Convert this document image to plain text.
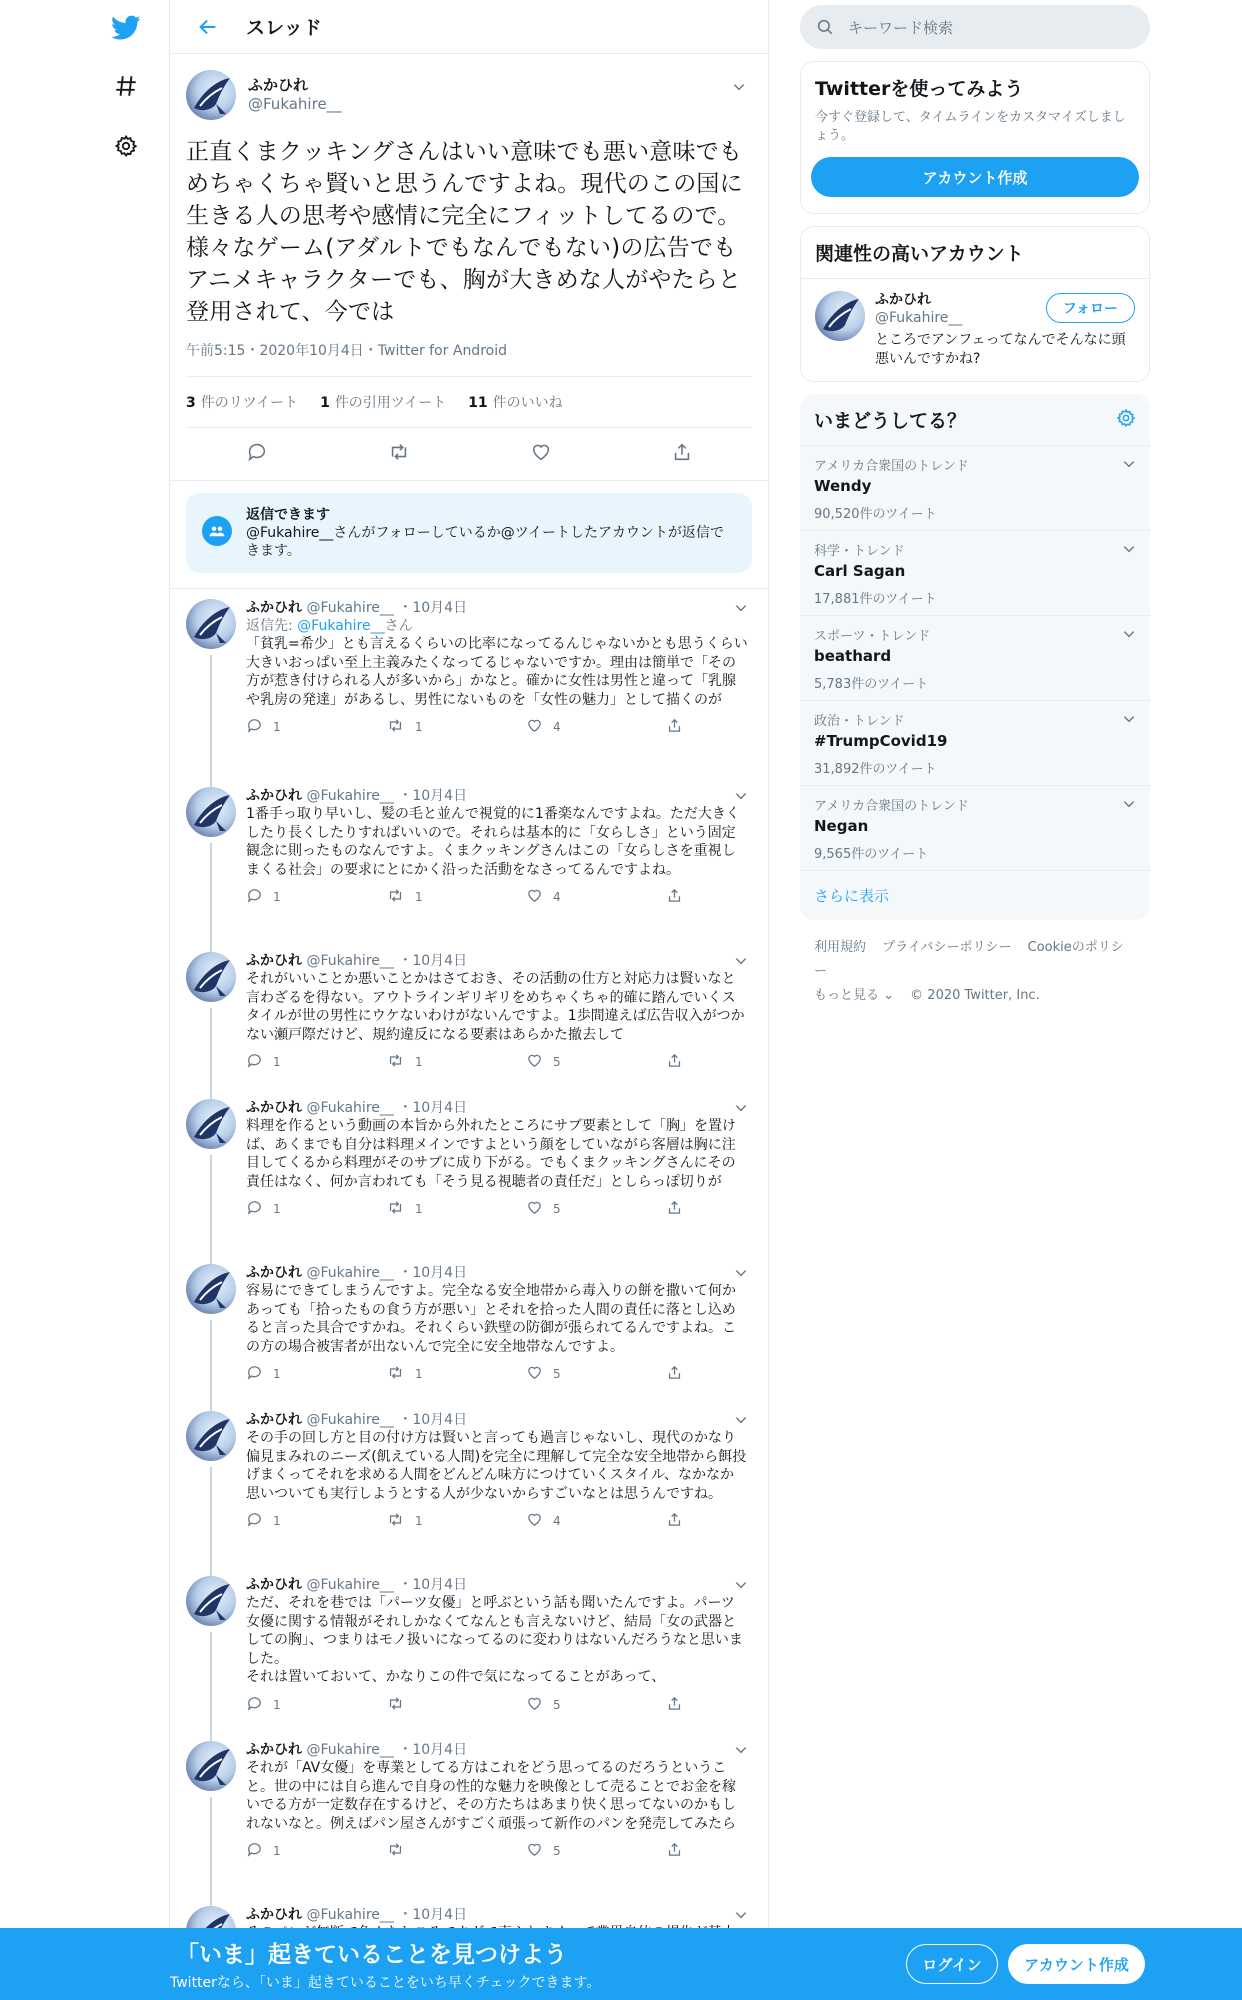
スレッド
ふかひれ
@Fukahire__
正直くまクッキングさんはいい意味でも悪い意味でもめちゃくちゃ賢いと思うんですよね。現代のこの国に生きる人の思考や感情に完全にフィットしてるので。様々なゲーム(アダルトでもなんでもない)の広告でもアニメキャラクターでも、胸が大きめな人がやたらと登用されて、今では
午前5:15・2020年10月4日・Twitter for Android
3 件のリツイート 1 件の引用ツイート 11 件のいいね
返信できます
@Fukahire__さんがフォローしているか@ツイートしたアカウントが返信できます。
ふかひれ @Fukahire__ ・10月4日
返信先: @Fukahire__さん
「貧乳=希少」とも言えるくらいの比率になってるんじゃないかとも思うくらい大きいおっぱい至上主義みたくなってるじゃないですか。理由は簡単で「その方が惹き付けられる人が多いから」かなと。確かに女性は男性と違って「乳腺や乳房の発達」があるし、男性にないものを「女性の魅力」として描くのが
1	1	4
ふかひれ @Fukahire__ ・10月4日
1番手っ取り早いし、髪の毛と並んで視覚的に1番楽なんですよね。ただ大きくしたり長くしたりすればいいので。それらは基本的に「女らしさ」という固定観念に則ったものなんですよ。くまクッキングさんはこの「女らしさを重視しまくる社会」の要求にとにかく沿った活動をなさってるんですよね。
1	1	4
ふかひれ @Fukahire__ ・10月4日
それがいいことか悪いことかはさておき、その活動の仕方と対応力は賢いなと言わざるを得ない。アウトラインギリギリをめちゃくちゃ的確に踏んでいくスタイルが世の男性にウケないわけがないんですよ。1歩間違えば広告収入がつかない瀬戸際だけど、規約違反になる要素はあらかた撤去して
1	1	5
ふかひれ @Fukahire__ ・10月4日
料理を作るという動画の本旨から外れたところにサブ要素として「胸」を置けば、あくまでも自分は料理メインですよという顔をしていながら客層は胸に注目してくるから料理がそのサブに成り下がる。でもくまクッキングさんにその責任はなく、何か言われても「そう見る視聴者の責任だ」としらっぽ切りが
1	1	5
ふかひれ @Fukahire__ ・10月4日
容易にできてしまうんですよ。完全なる安全地帯から毒入りの餅を撒いて何かあっても「拾ったもの食う方が悪い」とそれを拾った人間の責任に落とし込めると言った具合ですかね。それくらい鉄壁の防御が張られてるんですよね。この方の場合被害者が出ないんで完全に安全地帯なんですよ。
1	1	5
ふかひれ @Fukahire__ ・10月4日
その手の回し方と目の付け方は賢いと言っても過言じゃないし、現代のかなり偏見まみれのニーズ(飢えている人間)を完全に理解して完全な安全地帯から餌投げまくってそれを求める人間をどんどん味方につけていくスタイル、なかなか思いついても実行しようとする人が少ないからすごいなとは思うんですね。
1	1	4
ふかひれ @Fukahire__ ・10月4日
ただ、それを巷では「パーツ女優」と呼ぶという話も聞いたんですよ。パーツ女優に関する情報がそれしかなくてなんとも言えないけど、結局「女の武器としての胸」、つまりはモノ扱いになってるのに変わりはないんだろうなと思いました。
それは置いておいて、かなりこの件で気になってることがあって、
1	5
ふかひれ @Fukahire__ ・10月4日
それが「AV女優」を専業としてる方はこれをどう思ってるのだろうということ。世の中には自ら進んで自身の性的な魅力を映像として売ることでお金を稼いでる方が一定数存在するけど、その方たちはあまり快く思ってないのかもしれないなと。例えばパン屋さんがすごく頑張って新作のパンを発売してみたら
1	5
ふかひれ @Fukahire__ ・10月4日
キーワード検索
Twitterを使ってみよう

今すぐ登録して、タイムラインをカスタマイズしましょう。

アカウント作成
関連性の高いアカウント
ふかひれ
@Fukahire__
ところでアンフェってなんでそんなに頭悪いんですかね?
フォロー
いまどうしてる？
アメリカ合衆国のトレンド
Wendy
90,520件のツイート
科学・トレンド
Carl Sagan
17,881件のツイート
スポーツ・トレンド
beathard
5,783件のツイート
政治・トレンド
#TrumpCovid19
31,892件のツイート
アメリカ合衆国のトレンド
Negan
9,565件のツイート
さらに表示
利用規約 プライバシーポリシー Cookieのポリシー
もっと見る ⌄ © 2020 Twitter, Inc.
「いま」起きていることを見つけよう
Twitterなら、「いま」起きていることをいち早くチェックできます。
ログイン	アカウント作成
